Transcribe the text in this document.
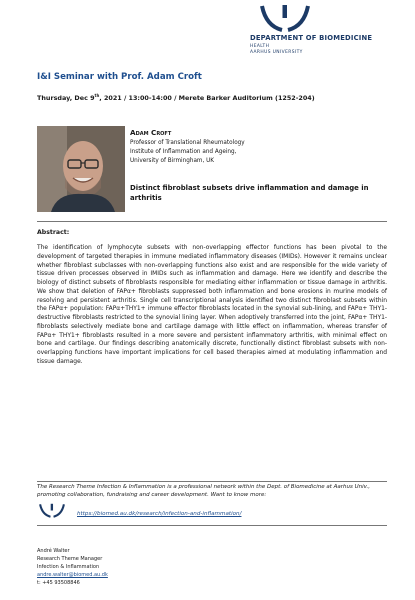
DEPARTMENT OF BIOMEDICINE
HEALTH
AARHUS UNIVERSITY
I&I Seminar with Prof. Adam Croft
Thursday, Dec 9th, 2021 / 13:00-14:00 / Merete Barker Auditorium (1252-204)
Adam Croft
Professor of Translational Rheumatology
Institute of Inflammation and Ageing,
University of Birmingham, UK
Distinct fibroblast subsets drive inflammation and damage in arthritis
Abstract:
The identification of lymphocyte subsets with non-overlapping effector functions has been pivotal to the development of targeted therapies in immune mediated inflammatory diseases (IMIDs). However it remains unclear whether fibroblast subclasses with non-overlapping functions also exist and are responsible for the wide variety of tissue driven processes observed in IMIDs such as inflammation and damage. Here we identify and describe the biology of distinct subsets of fibroblasts responsible for mediating either inflammation or tissue damage in arthritis. We show that deletion of FAPα+ fibroblasts suppressed both inflammation and bone erosions in murine models of resolving and persistent arthritis. Single cell transcriptional analysis identified two distinct fibroblast subsets within the FAPα+ population: FAPα+THY1+ immune effector fibroblasts located in the synovial sub-lining, and FAPα+ THY1- destructive fibroblasts restricted to the synovial lining layer. When adoptively transferred into the joint, FAPα+ THY1-fibroblasts selectively mediate bone and cartilage damage with little effect on inflammation, whereas transfer of FAPα+ THY1+ fibroblasts resulted in a more severe and persistent inflammatory arthritis, with minimal effect on bone and cartilage. Our findings describing anatomically discrete, functionally distinct fibroblast subsets with non-overlapping functions have important implications for cell based therapies aimed at modulating inflammation and tissue damage.
The Research Theme Infection & Inflammation is a professional network within the Dept. of Biomedicine at Aarhus Univ., promoting collaboration, fundraising and career development. Want to know more:
https://biomed.au.dk/research/infection-and-inflammation/
André Walter
Research Theme Manager
Infection & Inflammation
andre.walter@biomed.au.dk
t: +45 93508846
